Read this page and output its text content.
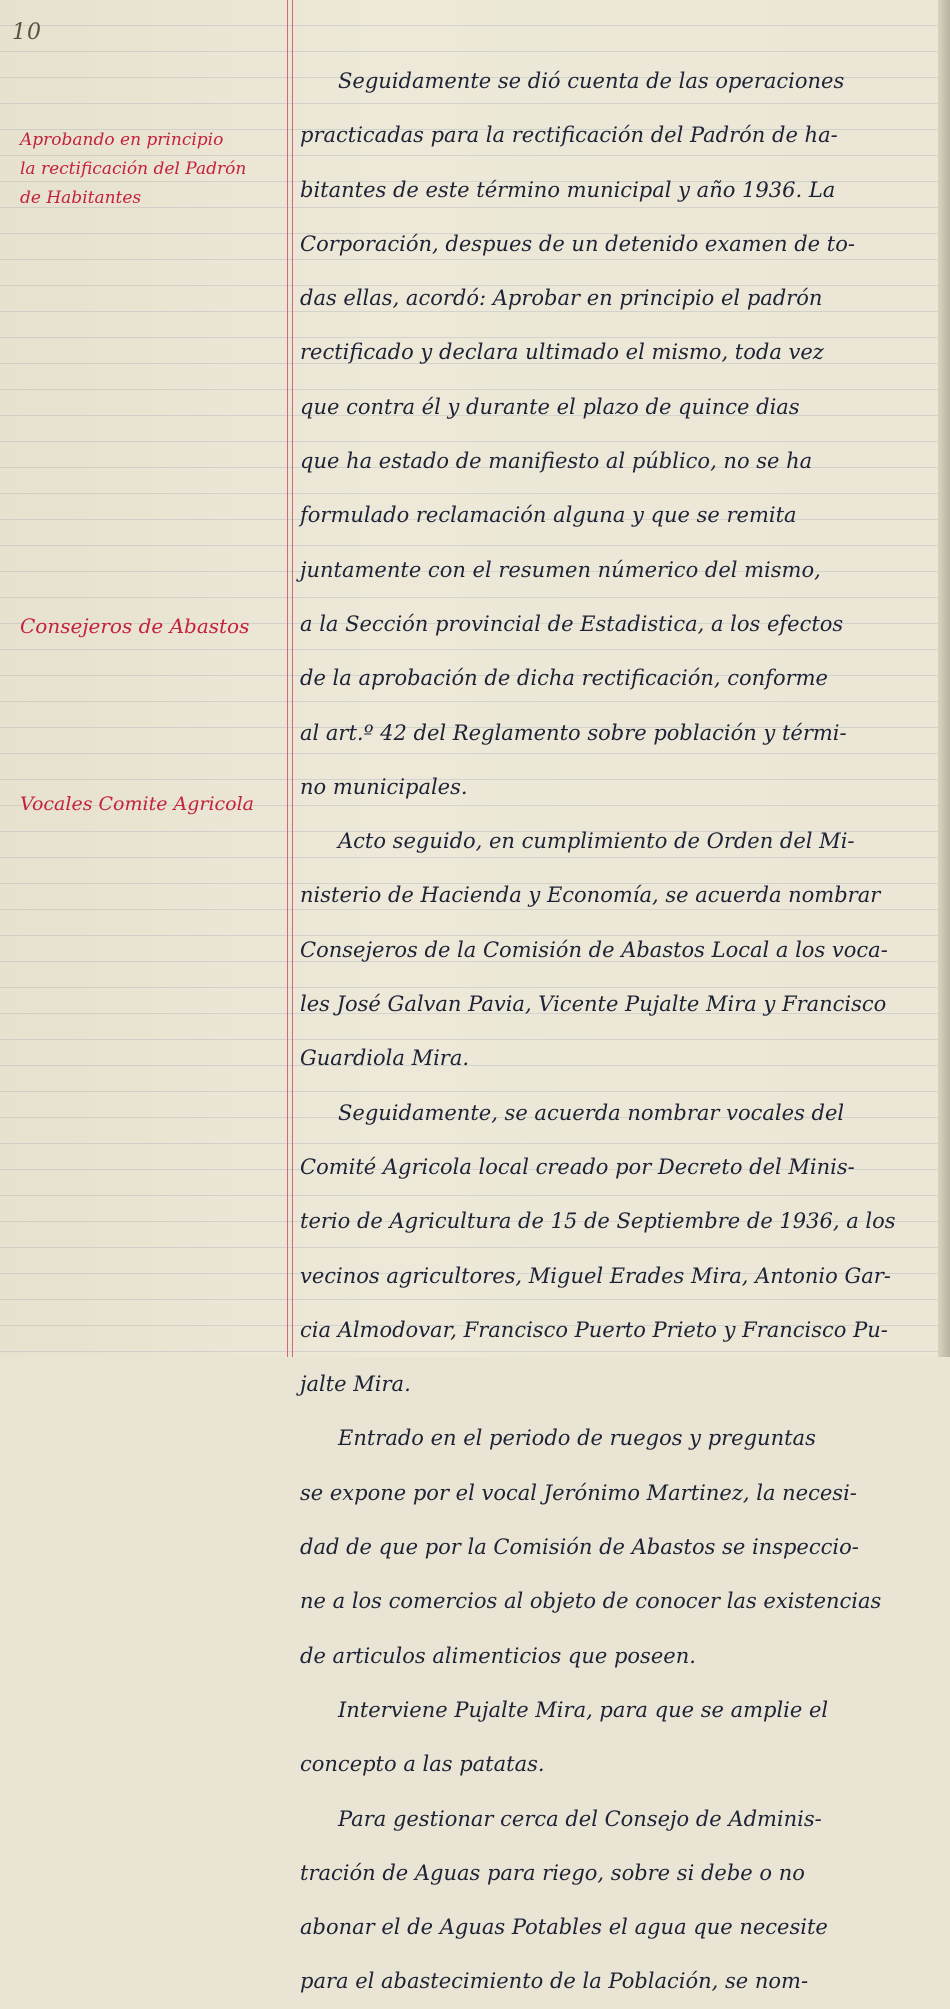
10
Aprobando en principio
la rectificación del Padrón
de Habitantes
Consejeros de Abastos
Vocales Comite Agricola
Seguidamente se dió cuenta de las operaciones
practicadas para la rectificación del Padrón de ha-
bitantes de este término municipal y año 1936. La
Corporación, despues de un detenido examen de to-
das ellas, acordó: Aprobar en principio el padrón
rectificado y declara ultimado el mismo, toda vez
que contra él y durante el plazo de quince dias
que ha estado de manifiesto al público, no se ha
formulado reclamación alguna y que se remita
juntamente con el resumen númerico del mismo,
a la Sección provincial de Estadistica, a los efectos
de la aprobación de dicha rectificación, conforme
al art.º 42 del Reglamento sobre población y térmi-
no municipales.
Acto seguido, en cumplimiento de Orden del Mi-
nisterio de Hacienda y Economía, se acuerda nombrar
Consejeros de la Comisión de Abastos Local a los voca-
les José Galvan Pavia, Vicente Pujalte Mira y Francisco
Guardiola Mira.
Seguidamente, se acuerda nombrar vocales del
Comité Agricola local creado por Decreto del Minis-
terio de Agricultura de 15 de Septiembre de 1936, a los
vecinos agricultores, Miguel Erades Mira, Antonio Gar-
cia Almodovar, Francisco Puerto Prieto y Francisco Pu-
jalte Mira.
Entrado en el periodo de ruegos y preguntas
se expone por el vocal Jerónimo Martinez, la necesi-
dad de que por la Comisión de Abastos se inspeccio-
ne a los comercios al objeto de conocer las existencias
de articulos alimenticios que poseen.
Interviene Pujalte Mira, para que se amplie el
concepto a las patatas.
Para gestionar cerca del Consejo de Adminis-
tración de Aguas para riego, sobre si debe o no
abonar el de Aguas Potables el agua que necesite
para el abastecimiento de la Población, se nom-
